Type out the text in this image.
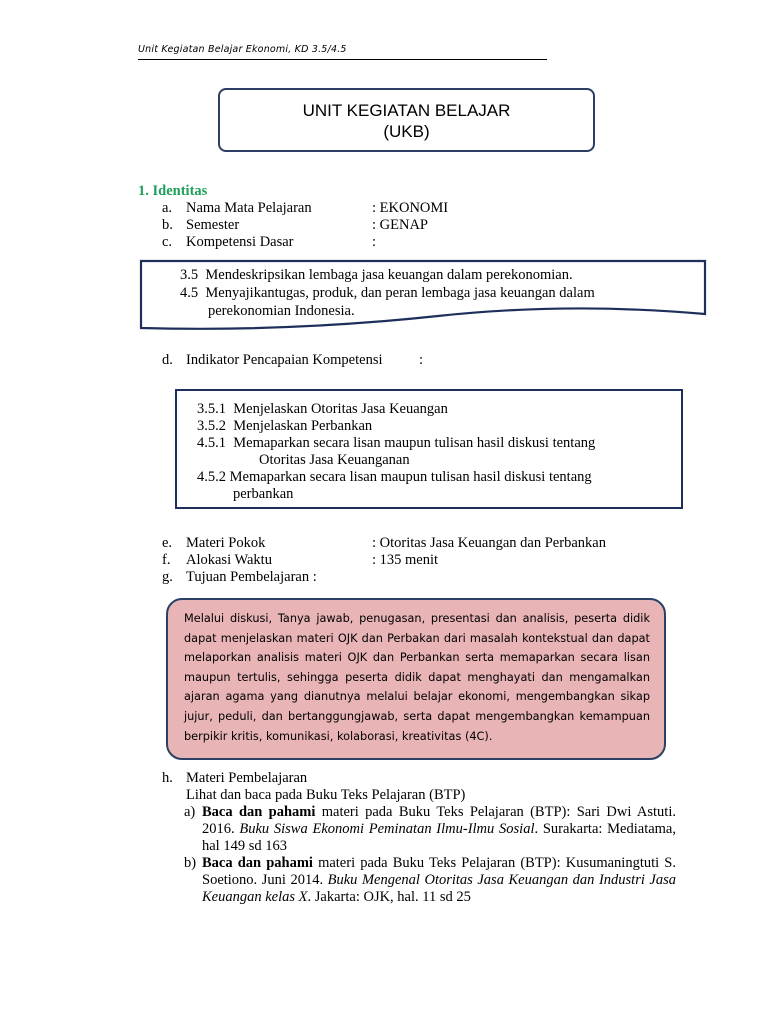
Unit Kegiatan Belajar Ekonomi, KD 3.5/4.5
UNIT KEGIATAN BELAJAR
(UKB)
1. Identitas
a. Nama Mata Pelajaran	: EKONOMI
b. Semester	: GENAP
c. Kompetensi Dasar	:
3.5 Mendeskripsikan lembaga jasa keuangan dalam perekonomian.
4.5 Menyajikantugas, produk, dan peran lembaga jasa keuangan dalam
perekonomian Indonesia.
d. Indikator Pencapaian Kompetensi	:
3.5.1 Menjelaskan Otoritas Jasa Keuangan
3.5.2 Menjelaskan Perbankan
4.5.1 Memaparkan secara lisan maupun tulisan hasil diskusi tentang
Otoritas Jasa Keuanganan
4.5.2 Memaparkan secara lisan maupun tulisan hasil diskusi tentang
perbankan
e. Materi Pokok	: Otoritas Jasa Keuangan dan Perbankan
f. Alokasi Waktu	: 135 menit
g. Tujuan Pembelajaran :
Melalui diskusi, Tanya jawab, penugasan, presentasi dan analisis, peserta didik dapat menjelaskan materi OJK dan Perbakan dari masalah kontekstual dan dapat melaporkan analisis materi OJK dan Perbankan serta memaparkan secara lisan maupun tertulis, sehingga peserta didik dapat menghayati dan mengamalkan ajaran agama yang dianutnya melalui belajar ekonomi, mengembangkan sikap jujur, peduli, dan bertanggungjawab, serta dapat mengembangkan kemampuan berpikir kritis, komunikasi, kolaborasi, kreativitas (4C).
h. Materi Pembelajaran
Lihat dan baca pada Buku Teks Pelajaran (BTP)
a) Baca dan pahami materi pada Buku Teks Pelajaran (BTP): Sari Dwi Astuti. 2016. Buku Siswa Ekonomi Peminatan Ilmu-Ilmu Sosial. Surakarta: Mediatama, hal 149 sd 163
b) Baca dan pahami materi pada Buku Teks Pelajaran (BTP): Kusumaningtuti S. Soetiono. Juni 2014. Buku Mengenal Otoritas Jasa Keuangan dan Industri Jasa Keuangan kelas X. Jakarta: OJK, hal. 11 sd 25
